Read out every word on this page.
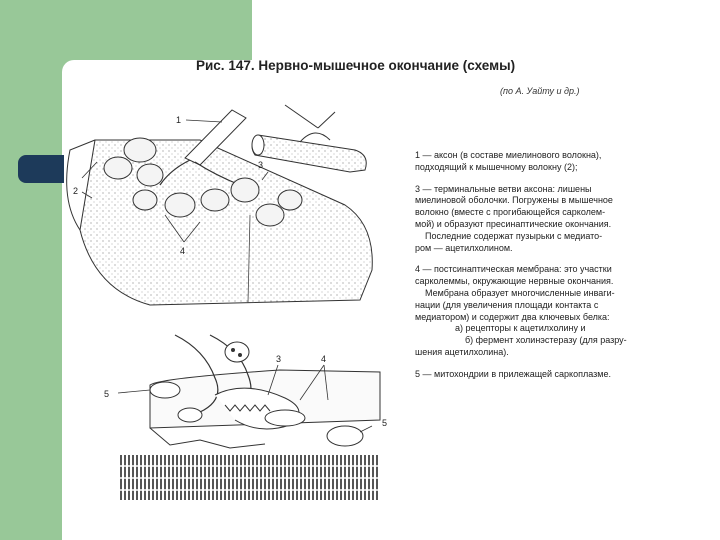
Рис. 147. Нервно-мышечное окончание (схемы)
(по А. Уайту и др.)
1
2
3
4
5
5
3	4

1 — аксон (в составе миелинового волокна),
подходящий к мышечному волокну (2);

3 — терминальные ветви аксона: лишены
миелиновой оболочки. Погружены в мышечное
волокно (вместе с прогибающейся сарколем-
мой) и образуют пресинаптические окончания.
Последние содержат пузырьки с медиато-
ром — ацетилхолином.

4 — постсинаптическая мембрана: это участки
сарколеммы, окружающие нервные окончания.
Мембрана образует многочисленные инваги-
нации (для увеличения площади контакта с
медиатором) и содержит два ключевых белка:
а) рецепторы к ацетилхолину и
б) фермент холинэстеразу (для разру-
шения ацетилхолина).

5 — митохондрии в прилежащей саркоплазме.
